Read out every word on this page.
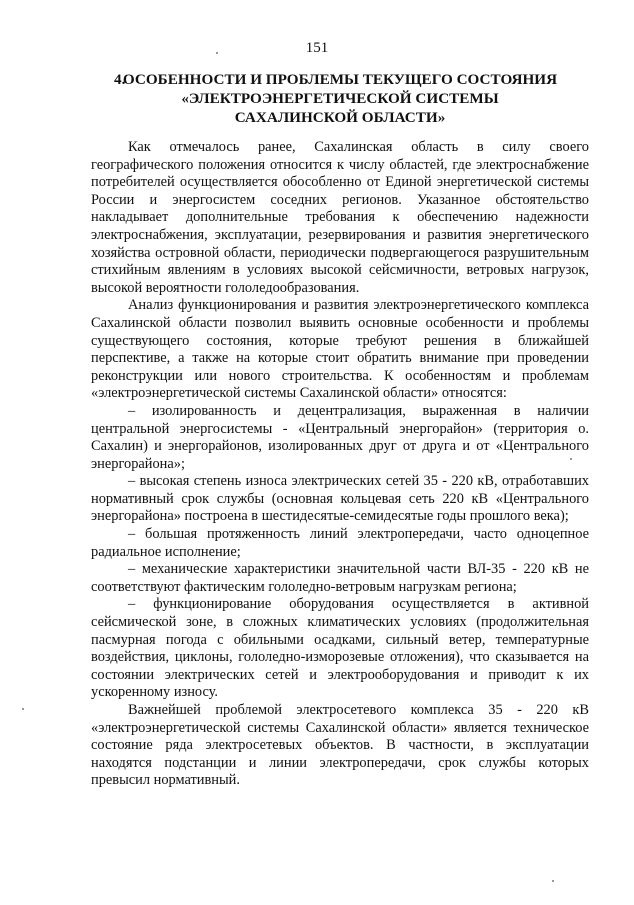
151
4.
ОСОБЕННОСТИ И ПРОБЛЕМЫ ТЕКУЩЕГО СОСТОЯНИЯ
«ЭЛЕКТРОЭНЕРГЕТИЧЕСКОЙ СИСТЕМЫ
САХАЛИНСКОЙ ОБЛАСТИ»

Как отмечалось ранее, Сахалинская область в силу своего географического положения относится к числу областей, где электроснабжение потребителей осуществляется обособленно от Единой энергетической системы России и энергосистем соседних регионов. Указанное обстоятельство накладывает дополнительные требования к обеспечению надежности электроснабжения, эксплуатации, резервирования и развития энергетического хозяйства островной области, периодически подвергающегося разрушительным стихийным явлениям в условиях высокой сейсмичности, ветровых нагрузок, высокой вероятности гололедообразования.

Анализ функционирования и развития электроэнергетического комплекса Сахалинской области позволил выявить основные особенности и проблемы существующего состояния, которые требуют решения в ближайшей перспективе, а также на которые стоит обратить внимание при проведении реконструкции или нового строительства. К особенностям и проблемам «электроэнергетической системы Сахалинской области» относятся:

– изолированность и децентрализация, выраженная в наличии центральной энергосистемы - «Центральный энергорайон» (территория о. Сахалин) и энергорайонов, изолированных друг от друга и от «Центрального энергорайона»;

– высокая степень износа электрических сетей 35 - 220 кВ, отработавших нормативный срок службы (основная кольцевая сеть 220 кВ «Центрального энергорайона» построена в шестидесятые-семидесятые годы прошлого века);

– большая протяженность линий электропередачи, часто одноцепное радиальное исполнение;

– механические характеристики значительной части ВЛ-35 - 220 кВ не соответствуют фактическим гололедно-ветровым нагрузкам региона;

– функционирование оборудования осуществляется в активной сейсмической зоне, в сложных климатических условиях (продолжительная пасмурная погода с обильными осадками, сильный ветер, температурные воздействия, циклоны, гололедно-изморозевые отложения), что сказывается на состоянии электрических сетей и электрооборудования и приводит к их ускоренному износу.

Важнейшей проблемой электросетевого комплекса 35 - 220 кВ «электроэнергетической системы Сахалинской области» является техническое состояние ряда электросетевых объектов. В частности, в эксплуатации находятся подстанции и линии электропередачи, срок службы которых превысил нормативный.
